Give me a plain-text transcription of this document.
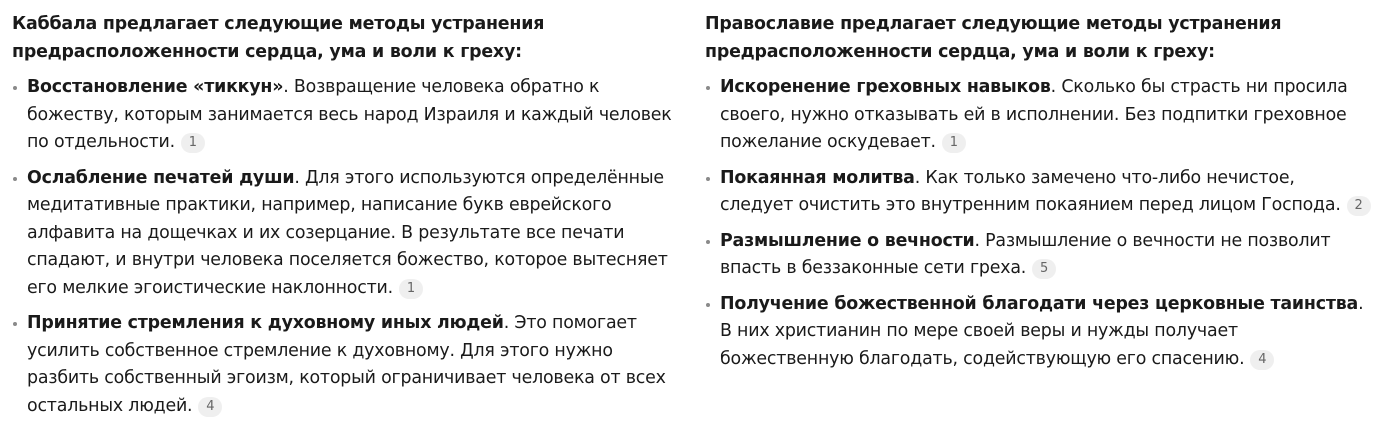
Каббала предлагает следующие методы устранения предрасположенности сердца, ума и воли к греху:
Восстановление «тиккун». Возвращение человека обратно к божеству, которым занимается весь народ Израиля и каждый человек по отдельности. 1
Ослабление печатей души. Для этого используются определённые медитативные практики, например, написание букв еврейского алфавита на дощечках и их созерцание. В результате все печати спадают, и внутри человека поселяется божество, которое вытесняет его мелкие эгоистические наклонности. 1
Принятие стремления к духовному иных людей. Это помогает усилить собственное стремление к духовному. Для этого нужно разбить собственный эгоизм, который ограничивает человека от всех остальных людей. 4
Православие предлагает следующие методы устранения предрасположенности сердца, ума и воли к греху:
Искоренение греховных навыков. Сколько бы страсть ни просила своего, нужно отказывать ей в исполнении. Без подпитки греховное пожелание оскудевает. 1
Покаянная молитва. Как только замечено что-либо нечистое, следует очистить это внутренним покаянием перед лицом Господа. 2
Размышление о вечности. Размышление о вечности не позволит впасть в беззаконные сети греха. 5
Получение божественной благодати через церковные таинства. В них христианин по мере своей веры и нужды получает божественную благодать, содействующую его спасению. 4
